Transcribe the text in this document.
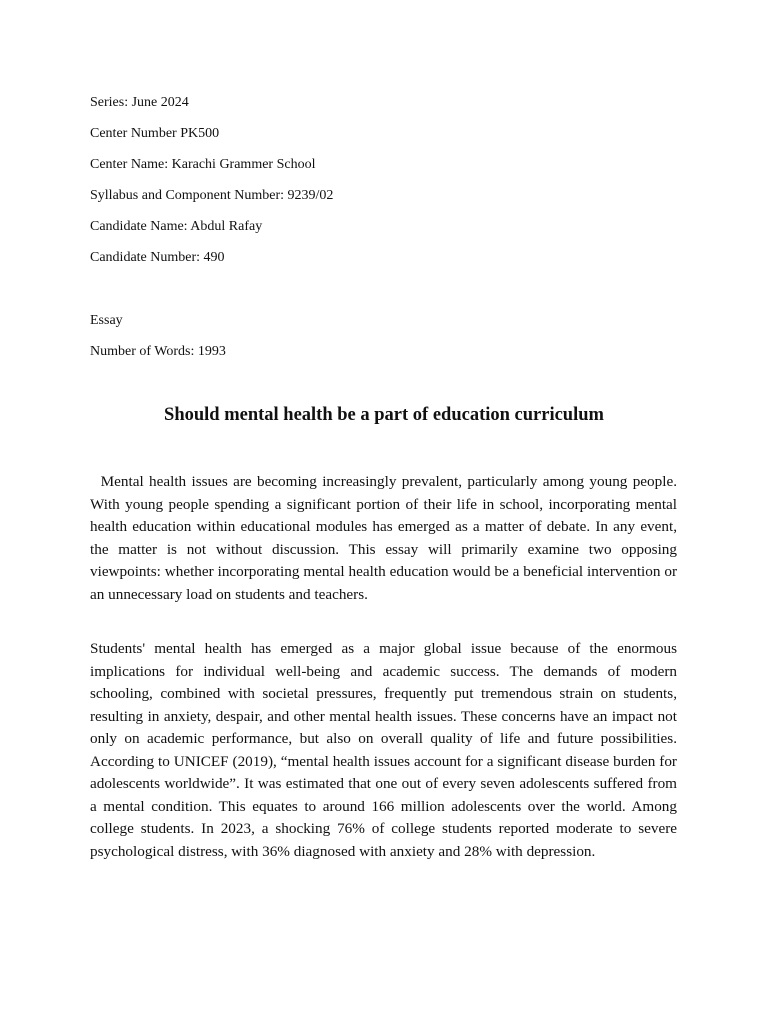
Series: June 2024
Center Number PK500
Center Name: Karachi Grammer School
Syllabus and Component Number: 9239/02
Candidate Name: Abdul Rafay
Candidate Number: 490
Essay
Number of Words: 1993
Should mental health be a part of education curriculum

Mental health issues are becoming increasingly prevalent, particularly among young people. With young people spending a significant portion of their life in school, incorporating mental health education within educational modules has emerged as a matter of debate. In any event, the matter is not without discussion. This essay will primarily examine two opposing viewpoints: whether incorporating mental health education would be a beneficial intervention or an unnecessary load on students and teachers.

Students' mental health has emerged as a major global issue because of the enormous implications for individual well-being and academic success. The demands of modern schooling, combined with societal pressures, frequently put tremendous strain on students, resulting in anxiety, despair, and other mental health issues. These concerns have an impact not only on academic performance, but also on overall quality of life and future possibilities. According to UNICEF (2019), “mental health issues account for a significant disease burden for adolescents worldwide”. It was estimated that one out of every seven adolescents suffered from a mental condition. This equates to around 166 million adolescents over the world. Among college students. In 2023, a shocking 76% of college students reported moderate to severe psychological distress, with 36% diagnosed with anxiety and 28% with depression.
